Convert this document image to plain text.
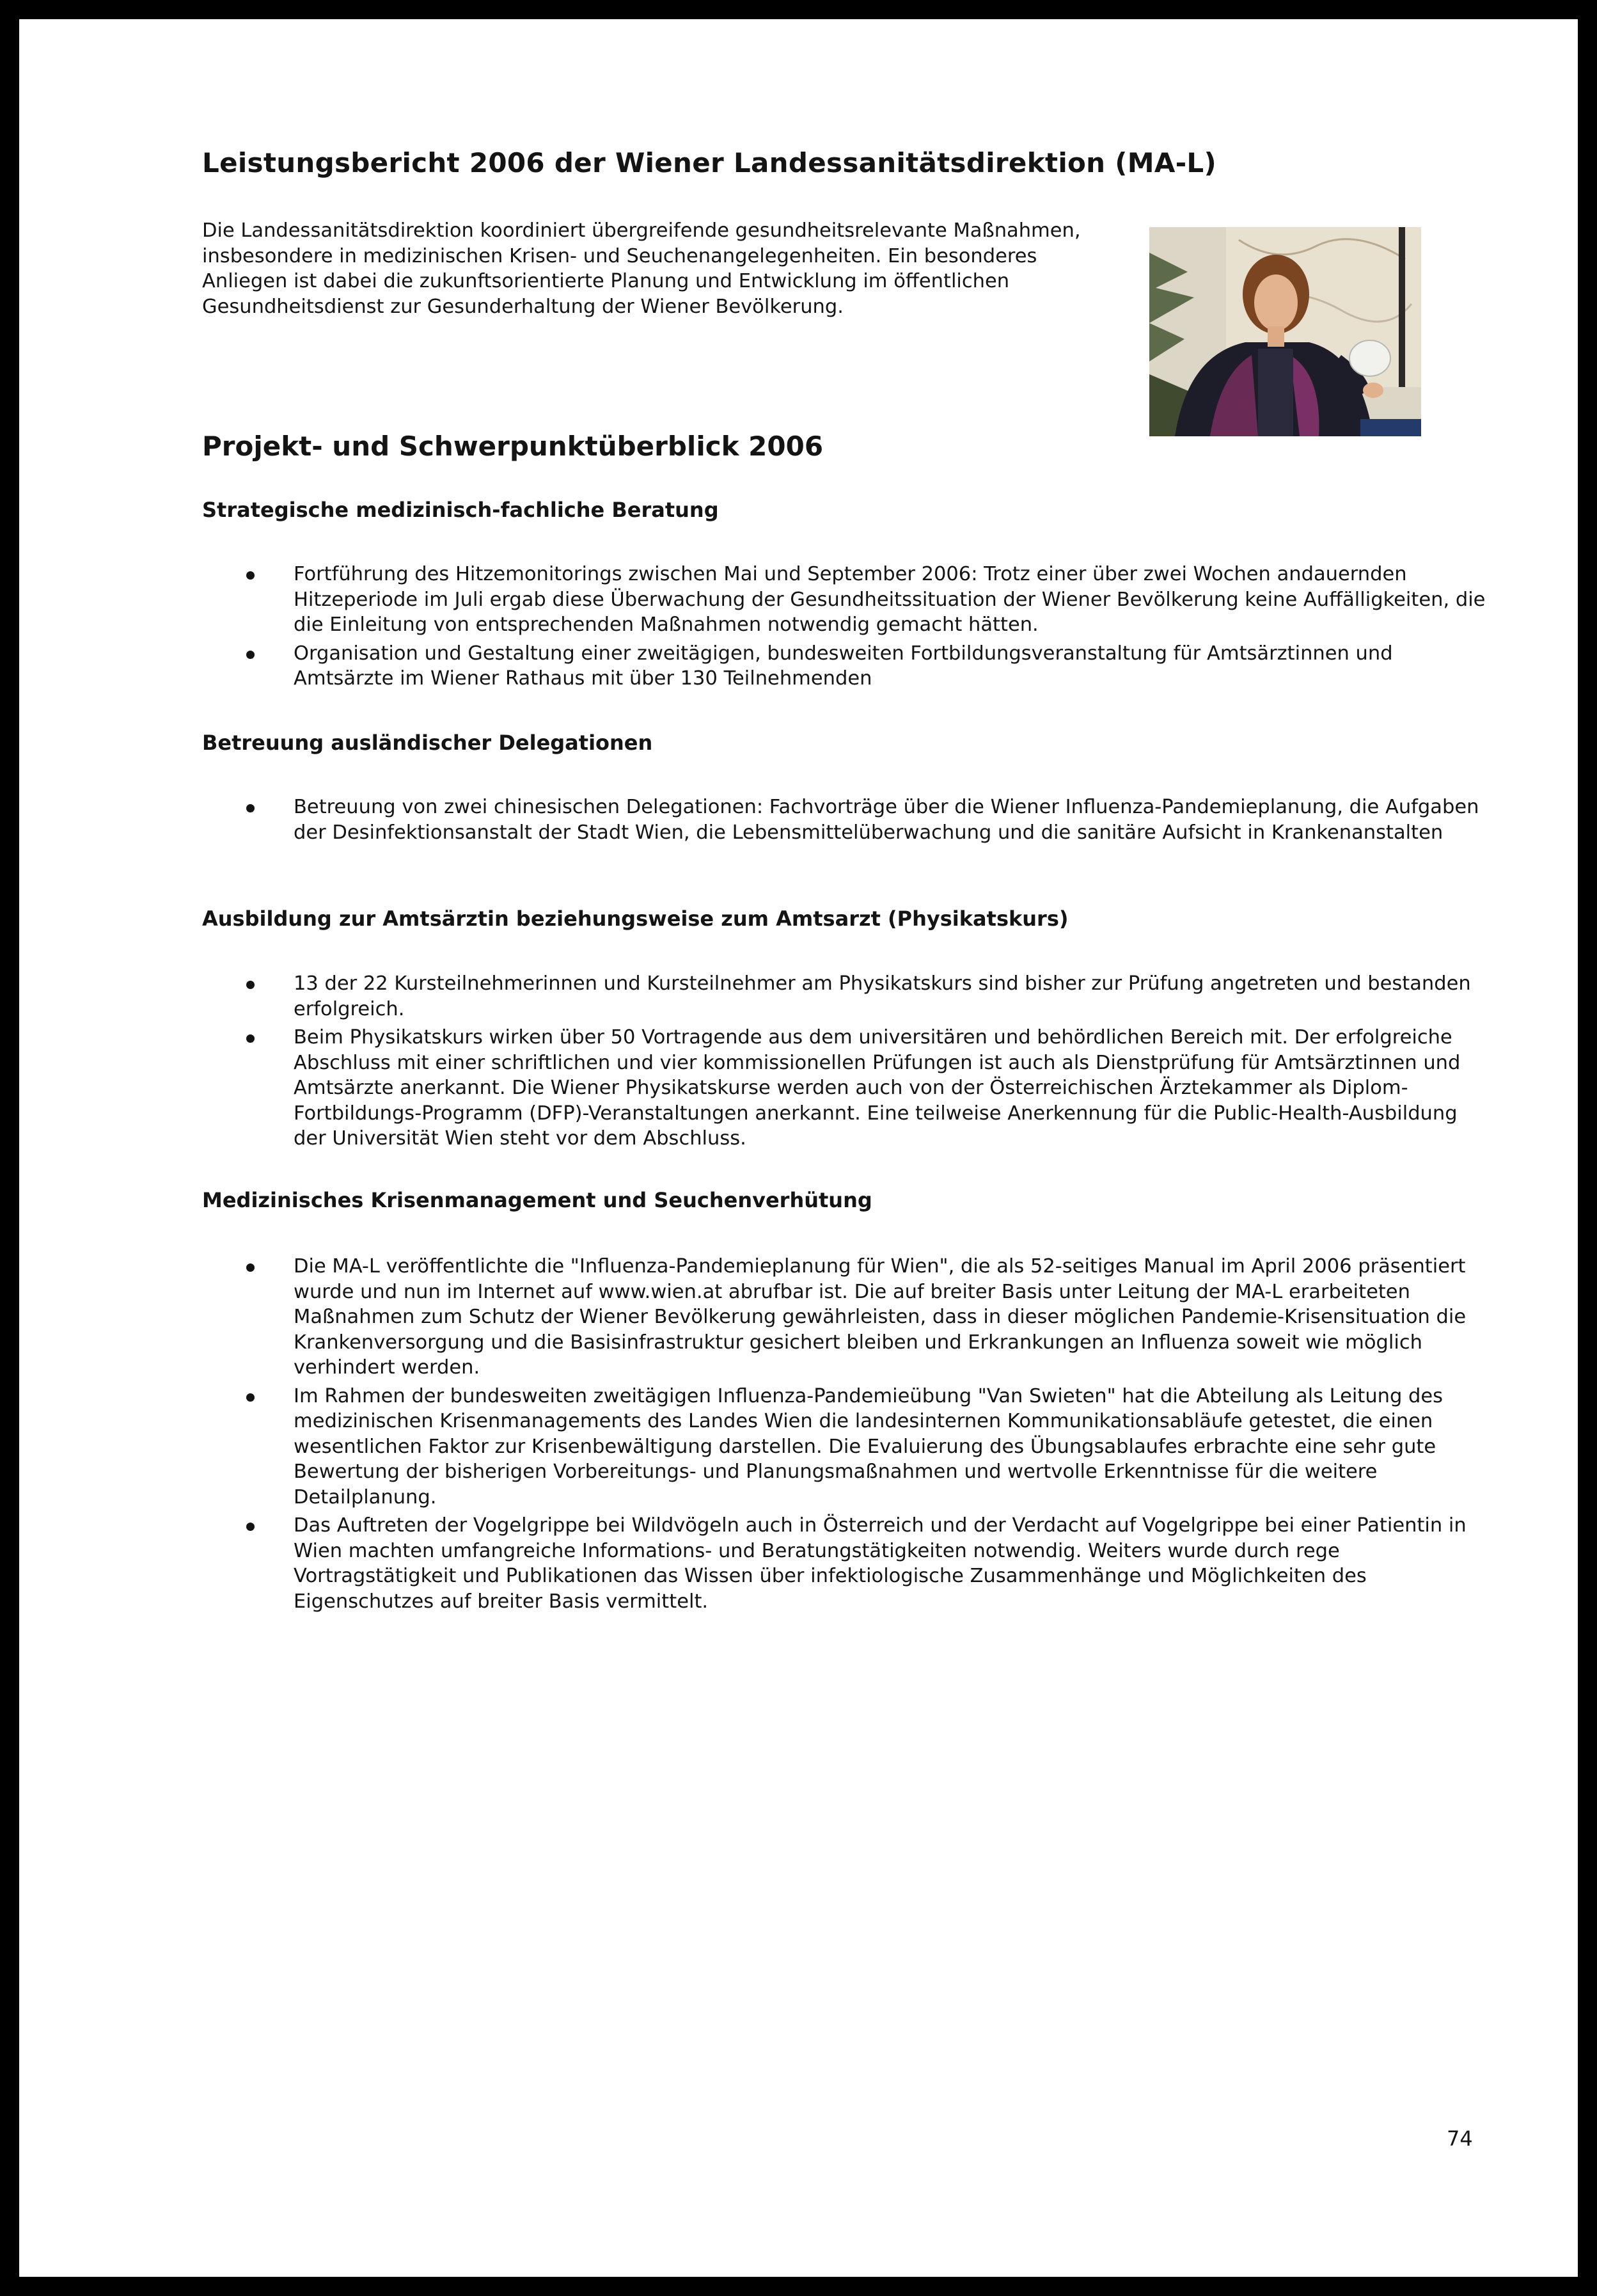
Leistungsbericht 2006 der Wiener Landessanitätsdirektion (MA-L)

Die Landessanitätsdirektion koordiniert übergreifende gesundheitsrelevante Maßnahmen, insbesondere in medizinischen Krisen- und Seuchenangelegenheiten. Ein besonderes Anliegen ist dabei die zukunftsorientierte Planung und Entwicklung im öffentlichen Gesundheitsdienst zur Gesunderhaltung der Wiener Bevölkerung.

Projekt- und Schwerpunktüberblick 2006
Strategische medizinisch-fachliche Beratung
Fortführung des Hitzemonitorings zwischen Mai und September 2006: Trotz einer über zwei Wochen andauernden Hitzeperiode im Juli ergab diese Überwachung der Gesundheitssituation der Wiener Bevölkerung keine Auffälligkeiten, die die Einleitung von entsprechenden Maßnahmen notwendig gemacht hätten.
Organisation und Gestaltung einer zweitägigen, bundesweiten Fortbildungsveranstaltung für Amtsärztinnen und Amtsärzte im Wiener Rathaus mit über 130 Teilnehmenden
Betreuung ausländischer Delegationen
Betreuung von zwei chinesischen Delegationen: Fachvorträge über die Wiener Influenza-Pandemieplanung, die Aufgaben der Desinfektionsanstalt der Stadt Wien, die Lebensmittelüberwachung und die sanitäre Aufsicht in Krankenanstalten
Ausbildung zur Amtsärztin beziehungsweise zum Amtsarzt (Physikatskurs)
13 der 22 Kursteilnehmerinnen und Kursteilnehmer am Physikatskurs sind bisher zur Prüfung angetreten und bestanden erfolgreich.
Beim Physikatskurs wirken über 50 Vortragende aus dem universitären und behördlichen Bereich mit. Der erfolgreiche Abschluss mit einer schriftlichen und vier kommissionellen Prüfungen ist auch als Dienstprüfung für Amtsärztinnen und Amtsärzte anerkannt. Die Wiener Physikatskurse werden auch von der Österreichischen Ärztekammer als Diplom-Fortbildungs-Programm (DFP)-Veranstaltungen anerkannt. Eine teilweise Anerkennung für die Public-Health-Ausbildung der Universität Wien steht vor dem Abschluss.
Medizinisches Krisenmanagement und Seuchenverhütung
Die MA-L veröffentlichte die "Influenza-Pandemieplanung für Wien", die als 52-seitiges Manual im April 2006 präsentiert wurde und nun im Internet auf www.wien.at abrufbar ist. Die auf breiter Basis unter Leitung der MA-L erarbeiteten Maßnahmen zum Schutz der Wiener Bevölkerung gewährleisten, dass in dieser möglichen Pandemie-Krisensituation die Krankenversorgung und die Basisinfrastruktur gesichert bleiben und Erkrankungen an Influenza soweit wie möglich verhindert werden.
Im Rahmen der bundesweiten zweitägigen Influenza-Pandemieübung "Van Swieten" hat die Abteilung als Leitung des medizinischen Krisenmanagements des Landes Wien die landesinternen Kommunikationsabläufe getestet, die einen wesentlichen Faktor zur Krisenbewältigung darstellen. Die Evaluierung des Übungsablaufes erbrachte eine sehr gute Bewertung der bisherigen Vorbereitungs- und Planungsmaßnahmen und wertvolle Erkenntnisse für die weitere Detailplanung.
Das Auftreten der Vogelgrippe bei Wildvögeln auch in Österreich und der Verdacht auf Vogelgrippe bei einer Patientin in Wien machten umfangreiche Informations- und Beratungstätigkeiten notwendig. Weiters wurde durch rege Vortragstätigkeit und Publikationen das Wissen über infektiologische Zusammenhänge und Möglichkeiten des Eigenschutzes auf breiter Basis vermittelt.
74
